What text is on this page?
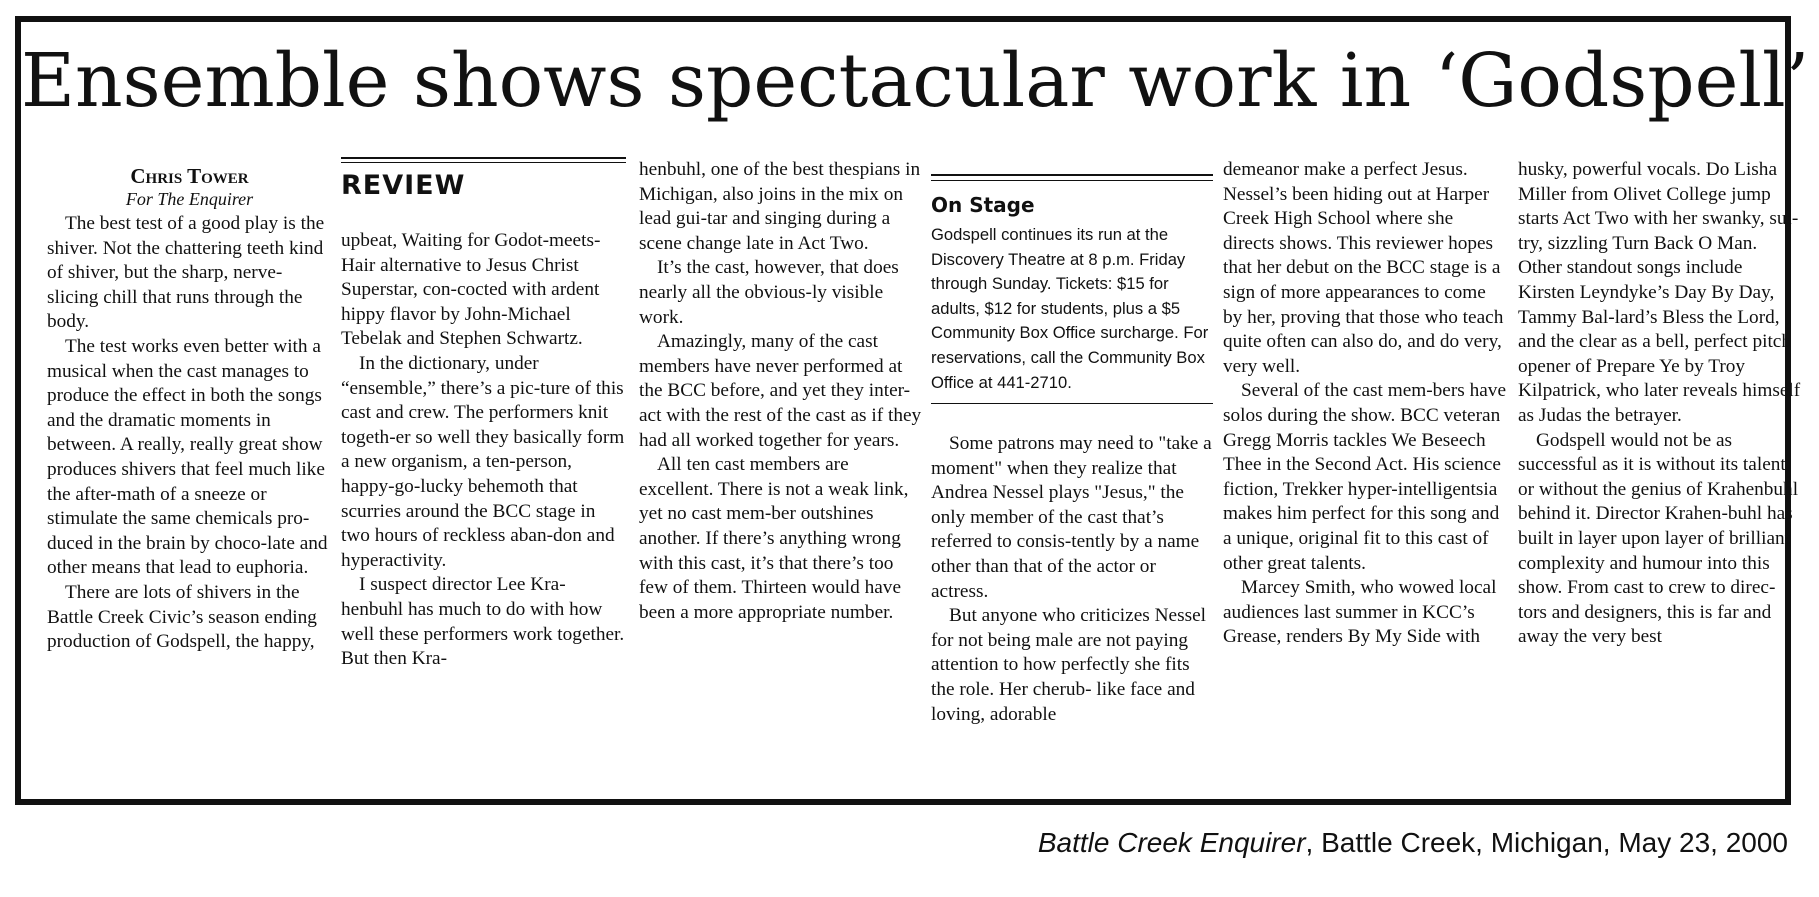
Ensemble shows spectacular work in ‘Godspell’
Chris Tower
For The Enquirer

The best test of a good play is the shiver. Not the chattering teeth kind of shiver, but the sharp, nerve-slicing chill that runs through the body.

The test works even better with a musical when the cast manages to produce the effect in both the songs and the dramatic moments in between. A really, really great show produces shivers that feel much like the after-math of a sneeze or stimulate the same chemicals pro-duced in the brain by choco-late and other means that lead to euphoria.

There are lots of shivers in the Battle Creek Civic’s season ending production of Godspell, the happy,

REVIEW

upbeat, Waiting for Godot-meets-Hair alternative to Jesus Christ Superstar, con-cocted with ardent hippy flavor by John-Michael Tebelak and Stephen Schwartz.

In the dictionary, under “ensemble,” there’s a pic-ture of this cast and crew. The performers knit togeth-er so well they basically form a new organism, a ten-person, happy-go-lucky behemoth that scurries around the BCC stage in two hours of reckless aban-don and hyperactivity.

I suspect director Lee Kra-henbuhl has much to do with how well these performers work together. But then Kra-

henbuhl, one of the best thespians in Michigan, also joins in the mix on lead gui-tar and singing during a scene change late in Act Two.

It’s the cast, however, that does nearly all the obvious-ly visible work.

Amazingly, many of the cast members have never performed at the BCC before, and yet they inter-act with the rest of the cast as if they had all worked together for years.

All ten cast members are excellent. There is not a weak link, yet no cast mem-ber outshines another. If there’s anything wrong with this cast, it’s that there’s too few of them. Thirteen would have been a more appropriate number.

On Stage
Godspell continues its run at the Discovery Theatre at 8 p.m. Friday through Sunday. Tickets: $15 for adults, $12 for students, plus a $5 Community Box Office surcharge. For reservations, call the Community Box Office at 441-2710.

Some patrons may need to "take a moment" when they realize that Andrea Nessel plays "Jesus," the only member of the cast that’s referred to consis-tently by a name other than that of the actor or actress.

But anyone who criticizes Nessel for not being male are not paying attention to how perfectly she fits the role. Her cherub- like face and loving, adorable

demeanor make a perfect Jesus. Nessel’s been hiding out at Harper Creek High School where she directs shows. This reviewer hopes that her debut on the BCC stage is a sign of more appearances to come by her, proving that those who teach quite often can also do, and do very, very well.

Several of the cast mem-bers have solos during the show. BCC veteran Gregg Morris tackles We Beseech Thee in the Second Act. His science fiction, Trekker hyper-intelligentsia makes him perfect for this song and a unique, original fit to this cast of other great talents.

Marcey Smith, who wowed local audiences last summer in KCC’s Grease, renders By My Side with

husky, powerful vocals. Do Lisha Miller from Olivet College jump starts Act Two with her swanky, sul-try, sizzling Turn Back O Man. Other standout songs include Kirsten Leyndyke’s Day By Day, Tammy Bal-lard’s Bless the Lord, and the clear as a bell, perfect pitch opener of Prepare Ye by Troy Kilpatrick, who later reveals himself as Judas the betrayer.

Godspell would not be as successful as it is without its talent or without the genius of Krahenbuhl behind it. Director Krahen-buhl has built in layer upon layer of brilliant complexity and humour into this show. From cast to crew to direc-tors and designers, this is far and away the very best

Battle Creek Enquirer, Battle Creek, Michigan, May 23, 2000
